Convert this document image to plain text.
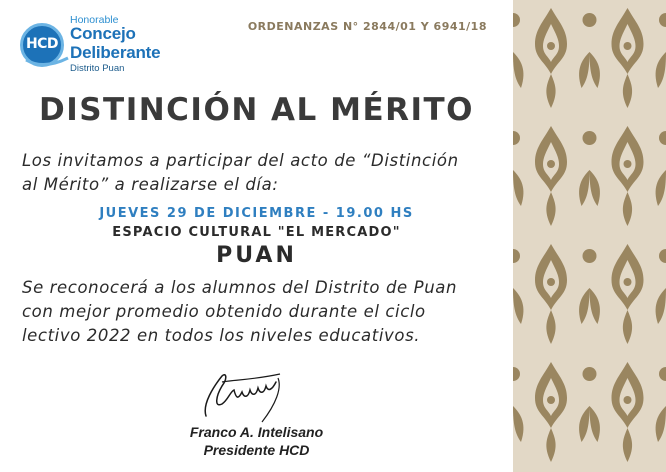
HCD
Honorable
Concejo
Deliberante
Distrito Puan
ORDENANZAS N° 2844/01 Y 6941/18
DISTINCIÓN AL MÉRITO
Los invitamos a participar del acto de “Distinción
al Mérito” a realizarse el día:
JUEVES 29 DE DICIEMBRE - 19.00 HS
ESPACIO CULTURAL "EL MERCADO"
PUAN
Se reconocerá a los alumnos del Distrito de Puan
con mejor promedio obtenido durante el ciclo
lectivo 2022 en todos los niveles educativos.
Franco A. Intelisano
Presidente HCD
